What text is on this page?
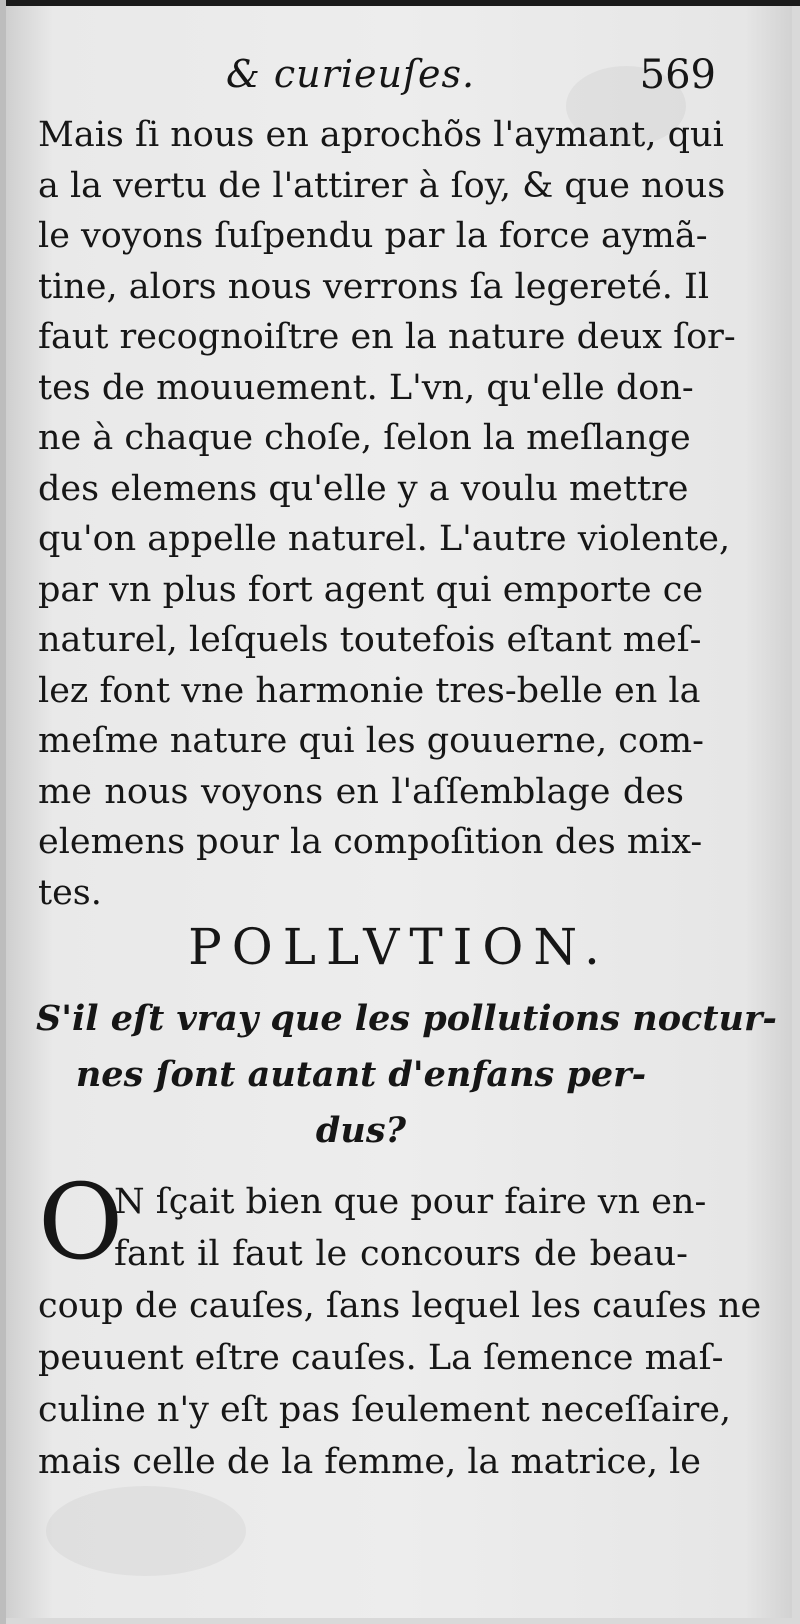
& curieuſes.	569
Mais ſi nous en aprochõs l'aymant, qui
a la vertu de l'attirer à ſoy, & que nous
le voyons ſuſpendu par la force aymã-
tine, alors nous verrons ſa legereté. Il
faut recognoiſtre en la nature deux ſor-
tes de mouuement. L'vn, qu'elle don-
ne à chaque choſe, ſelon la meſlange
des elemens qu'elle y a voulu mettre
qu'on appelle naturel. L'autre violente,
par vn plus fort agent qui emporte ce
naturel, leſquels toutefois eſtant meſ-
lez font vne harmonie tres-belle en la
meſme nature qui les gouuerne, com-
me nous voyons en l'aſſemblage des
elemens pour la compoſition des mix-
tes.
POLLVTION.
S'il eſt vray que les pollutions noctur-
nes ſont autant d'enfans per-
dus?
O
N ſçait bien que pour faire vn en-
fant il faut le concours de beau-
coup de cauſes, ſans lequel les cauſes ne
peuuent eſtre cauſes. La ſemence maſ-
culine n'y eſt pas ſeulement neceſſaire,
mais celle de la femme, la matrice, le
